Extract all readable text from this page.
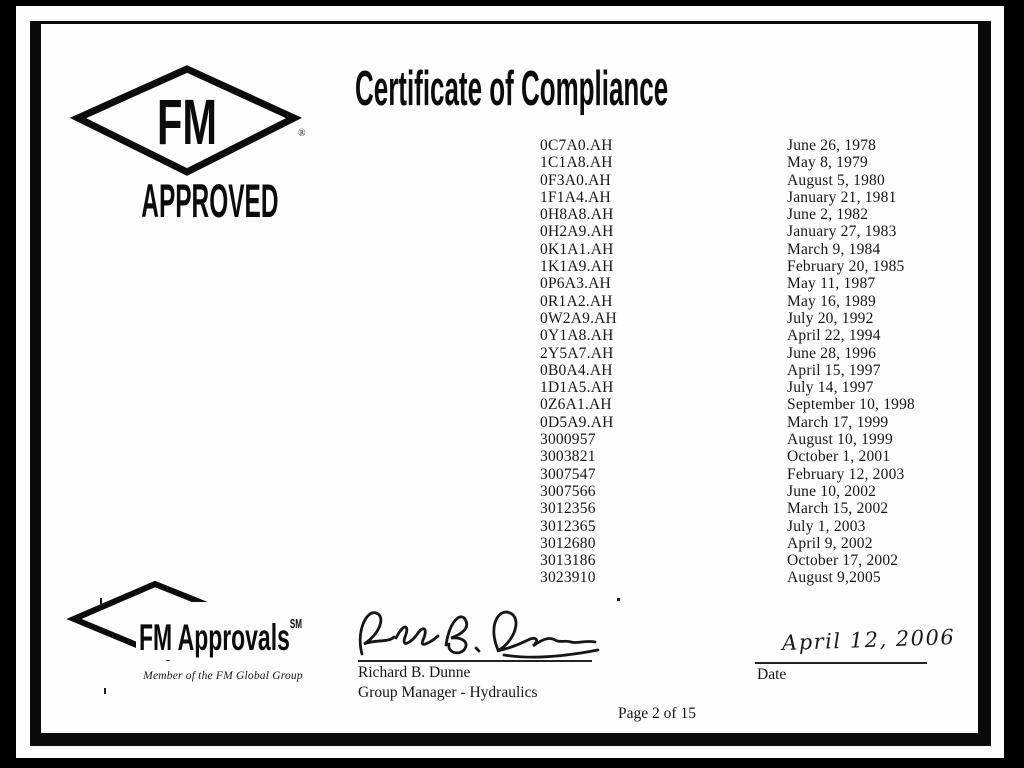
FM	®
APPROVED
Certificate of Compliance
0C7A0.AH	June 26, 1978
1C1A8.AH	May 8, 1979
0F3A0.AH	August 5, 1980
1F1A4.AH	January 21, 1981
0H8A8.AH	June 2, 1982
0H2A9.AH	January 27, 1983
0K1A1.AH	March 9, 1984
1K1A9.AH	February 20, 1985
0P6A3.AH	May 11, 1987
0R1A2.AH	May 16, 1989
0W2A9.AH	July 20, 1992
0Y1A8.AH	April 22, 1994
2Y5A7.AH	June 28, 1996
0B0A4.AH	April 15, 1997
1D1A5.AH	July 14, 1997
0Z6A1.AH	September 10, 1998
0D5A9.AH	March 17, 1999
3000957	August 10, 1999
3003821	October 1, 2001
3007547	February 12, 2003
3007566	June 10, 2002
3012356	March 15, 2002
3012365	July 1, 2003
3012680	April 9, 2002
3013186	October 17, 2002
3023910	August 9,2005
FM Approvals℠
Member of the FM Global Group	Richard B. Dunne
Group Manager - Hydraulics
April 12, 2006
Date
Page 2 of 15
